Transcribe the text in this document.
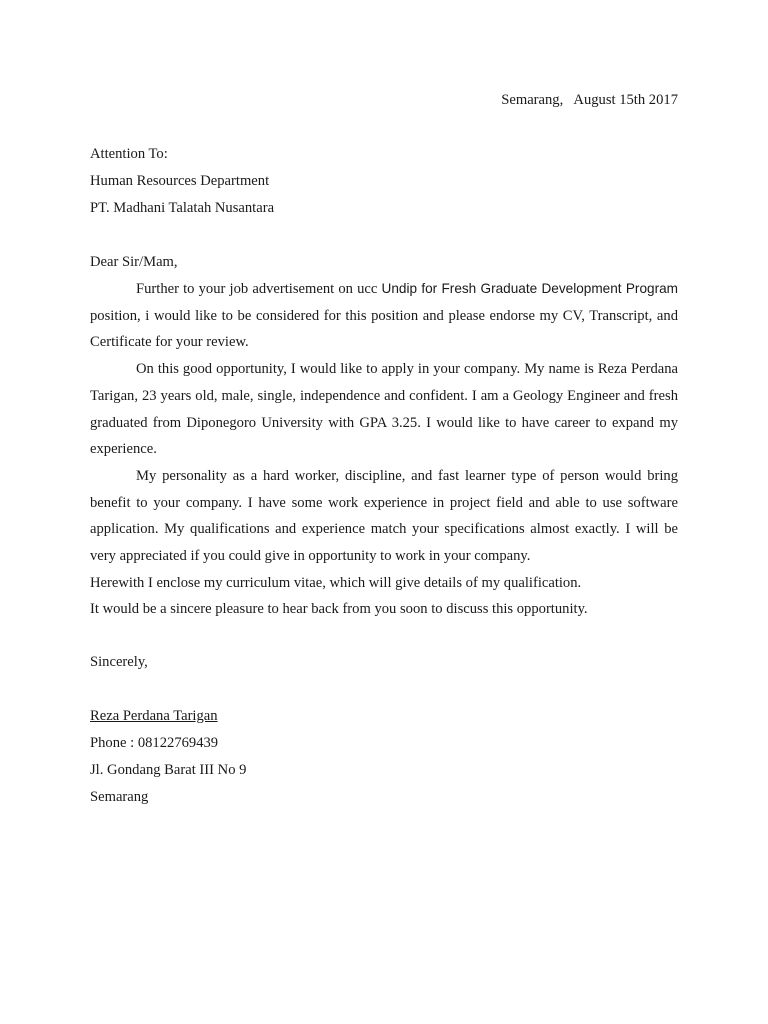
Semarang, August 15th 2017
Attention To:
Human Resources Department
PT. Madhani Talatah Nusantara
Dear Sir/Mam,

Further to your job advertisement on ucc Undip for Fresh Graduate Development Program position, i would like to be considered for this position and please endorse my CV, Transcript, and Certificate for your review.

On this good opportunity, I would like to apply in your company. My name is Reza Perdana Tarigan, 23 years old, male, single, independence and confident. I am a Geology Engineer and fresh graduated from Diponegoro University with GPA 3.25. I would like to have career to expand my experience.

My personality as a hard worker, discipline, and fast learner type of person would bring benefit to your company. I have some work experience in project field and able to use software application. My qualifications and experience match your specifications almost exactly. I will be very appreciated if you could give in opportunity to work in your company.

Herewith I enclose my curriculum vitae, which will give details of my qualification.

It would be a sincere pleasure to hear back from you soon to discuss this opportunity.

Sincerely,
Reza Perdana Tarigan
Phone : 08122769439
Jl. Gondang Barat III No 9
Semarang
